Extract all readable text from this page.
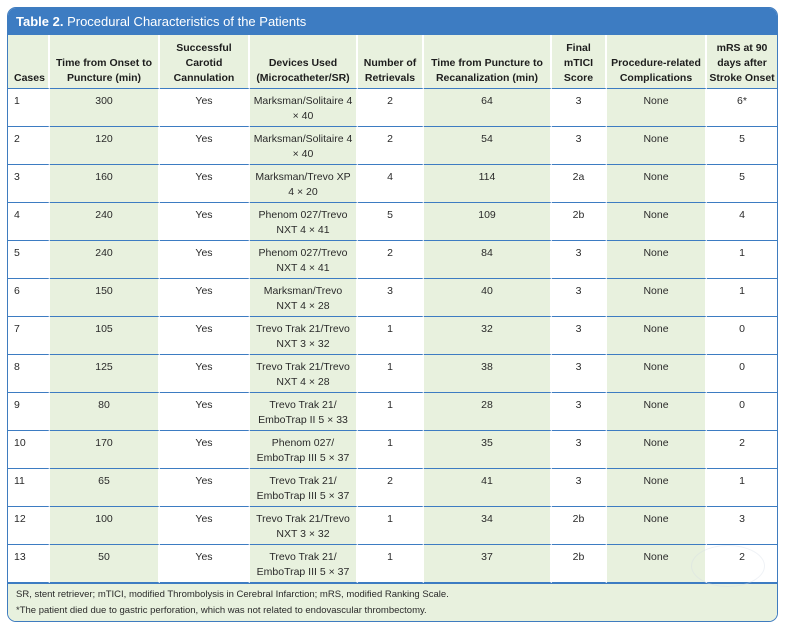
Table 2. Procedural Characteristics of the Patients
Cases	Time from Onset to Puncture (min)	Successful Carotid Cannulation	Devices Used (Microcatheter/SR)	Number of Retrievals	Time from Puncture to Recanalization (min)	Final mTICI Score	Procedure-related Complications	mRS at 90 days after Stroke Onset
1	300	Yes	Marksman/Solitaire 4 × 40	2	64	3	None	6*
2	120	Yes	Marksman/Solitaire 4 × 40	2	54	3	None	5
3	160	Yes	Marksman/Trevo XP 4 × 20	4	114	2a	None	5
4	240	Yes	Phenom 027/Trevo NXT 4 × 41	5	109	2b	None	4
5	240	Yes	Phenom 027/Trevo NXT 4 × 41	2	84	3	None	1
6	150	Yes	Marksman/Trevo NXT 4 × 28	3	40	3	None	1
7	105	Yes	Trevo Trak 21/Trevo NXT 3 × 32	1	32	3	None	0
8	125	Yes	Trevo Trak 21/Trevo NXT 4 × 28	1	38	3	None	0
9	80	Yes	Trevo Trak 21/ EmboTrap II 5 × 33	1	28	3	None	0
10	170	Yes	Phenom 027/ EmboTrap III 5 × 37	1	35	3	None	2
11	65	Yes	Trevo Trak 21/ EmboTrap III 5 × 37	2	41	3	None	1
12	100	Yes	Trevo Trak 21/Trevo NXT 3 × 32	1	34	2b	None	3
13	50	Yes	Trevo Trak 21/ EmboTrap III 5 × 37	1	37	2b	None	2
SR, stent retriever; mTICI, modified Thrombolysis in Cerebral Infarction; mRS, modified Ranking Scale.
*The patient died due to gastric perforation, which was not related to endovascular thrombectomy.
